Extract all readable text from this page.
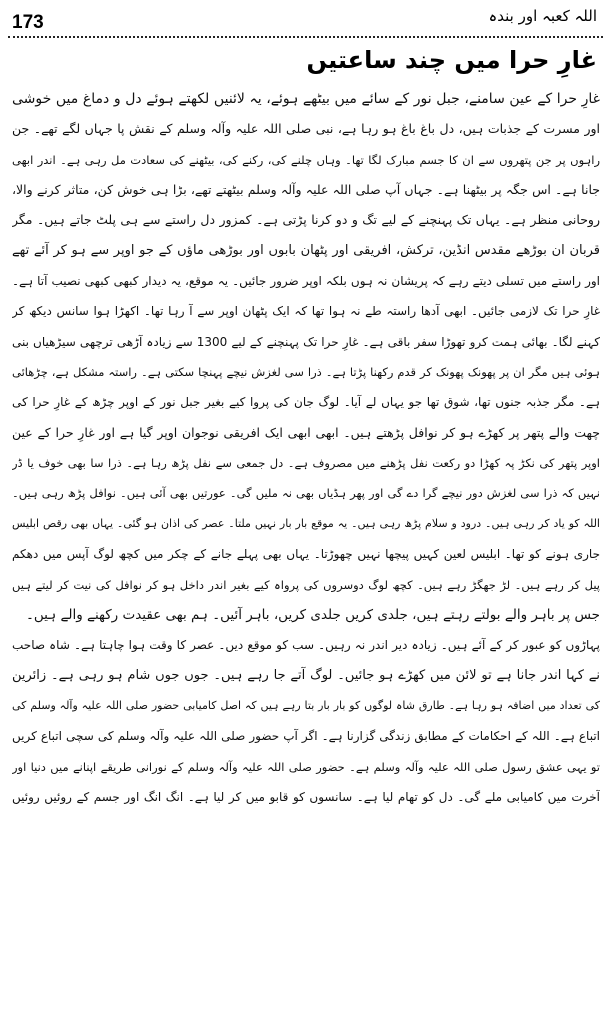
173	اللہ کعبہ اور بندہ
غارِ حرا میں چند ساعتیں
غارِ حرا کے عین سامنے، جبل نور کے سائے میں بیٹھے ہوئے، یہ لائنیں لکھتے ہوئے دل و دماغ میں خوشی
اور مسرت کے جذبات ہیں، دل باغ باغ ہو رہا ہے، نبی صلی اللہ علیہ وآلہ وسلم کے نقش پا جہاں لگے تھے۔ جن
راہوں پر جن پتھروں سے ان کا جسم مبارک لگا تھا۔ وہاں چلنے کی، رکنے کی، بیٹھنے کی سعادت مل رہی ہے۔ اندر ابھی
جانا ہے۔ اس جگہ پر بیٹھنا ہے۔ جہاں آپ صلی اللہ علیہ وآلہ وسلم بیٹھتے تھے، بڑا ہی خوش کن، متاثر کرنے والا،
روحانی منظر ہے۔ یہاں تک پہنچنے کے لیے تگ و دو کرنا پڑتی ہے۔ کمزور دل راستے سے ہی پلٹ جاتے ہیں۔ مگر
قربان ان بوڑھے مقدس انڈین، ترکش، افریقی اور پٹھان بابوں اور بوڑھی ماؤں کے جو اوپر سے ہو کر آئے تھے
اور راستے میں تسلی دیتے رہے کہ پریشان نہ ہوں بلکہ اوپر ضرور جائیں۔ یہ موقع، یہ دیدار کبھی کبھی نصیب آتا ہے۔
غارِ حرا تک لازمی جائیں۔ ابھی آدھا راستہ طے نہ ہوا تھا کہ ایک پٹھان اوپر سے آ رہا تھا۔ اکھڑا ہوا سانس دیکھ کر
کہنے لگا۔ بھائی ہمت کرو تھوڑا سفر باقی ہے۔ غارِ حرا تک پہنچنے کے لیے 1300 سے زیادہ آڑھی ترچھی سیڑھیاں بنی
ہوئی ہیں مگر ان پر پھونک پھونک کر قدم رکھنا پڑتا ہے۔ ذرا سی لغزش نیچے پہنچا سکتی ہے۔ راستہ مشکل ہے، چڑھائی
ہے۔ مگر جذبہ جنوں تھا، شوق تھا جو یہاں لے آیا۔ لوگ جان کی پروا کیے بغیر جبل نور کے اوپر چڑھ کے غارِ حرا کی
چھت والے پتھر پر کھڑے ہو کر نوافل پڑھتے ہیں۔ ابھی ابھی ایک افریقی نوجوان اوپر گیا ہے اور غارِ حرا کے عین
اوپر پتھر کی نکڑ پہ کھڑا دو رکعت نفل پڑھنے میں مصروف ہے۔ دل جمعی سے نفل پڑھ رہا ہے۔ ذرا سا بھی خوف یا ڈر
نہیں کہ ذرا سی لغزش دور نیچے گرا دے گی اور پھر ہڈیاں بھی نہ ملیں گی۔ عورتیں بھی آئی ہیں۔ نوافل پڑھ رہی ہیں۔
اللہ کو یاد کر رہی ہیں۔ درود و سلام پڑھ رہی ہیں۔ یہ موقع بار بار نہیں ملتا۔ عصر کی اذان ہو گئی۔ یہاں بھی رقص ابلیس
جاری ہونے کو تھا۔ ابلیس لعین کہیں پیچھا نہیں چھوڑتا۔ یہاں بھی پہلے جانے کے چکر میں کچھ لوگ آپس میں دھکم
پیل کر رہے ہیں۔ لڑ جھگڑ رہے ہیں۔ کچھ لوگ دوسروں کی پرواہ کیے بغیر اندر داخل ہو کر نوافل کی نیت کر لیتے ہیں
جس پر باہر والے بولتے رہتے ہیں، جلدی کریں جلدی کریں، باہر آئیں۔ ہم بھی عقیدت رکھنے والے ہیں۔
پہاڑوں کو عبور کر کے آئے ہیں۔ زیادہ دیر اندر نہ رہیں۔ سب کو موقع دیں۔ عصر کا وقت ہوا چاہتا ہے۔ شاہ صاحب
نے کہا اندر جانا ہے تو لائن میں کھڑے ہو جائیں۔ لوگ آتے جا رہے ہیں۔ جوں جوں شام ہو رہی ہے۔ زائرین
کی تعداد میں اضافہ ہو رہا ہے۔ طارق شاہ لوگوں کو بار بار بتا رہے ہیں کہ اصل کامیابی حضور صلی اللہ علیہ وآلہ وسلم کی
اتباع ہے۔ اللہ کے احکامات کے مطابق زندگی گزارنا ہے۔ اگر آپ حضور صلی اللہ علیہ وآلہ وسلم کی سچی اتباع کریں
تو یہی عشق رسول صلی اللہ علیہ وآلہ وسلم ہے۔ حضور صلی اللہ علیہ وآلہ وسلم کے نورانی طریقے اپنانے میں دنیا اور
آخرت میں کامیابی ملے گی۔ دل کو تھام لیا ہے۔ سانسوں کو قابو میں کر لیا ہے۔ انگ انگ اور جسم کے روئیں روئیں
